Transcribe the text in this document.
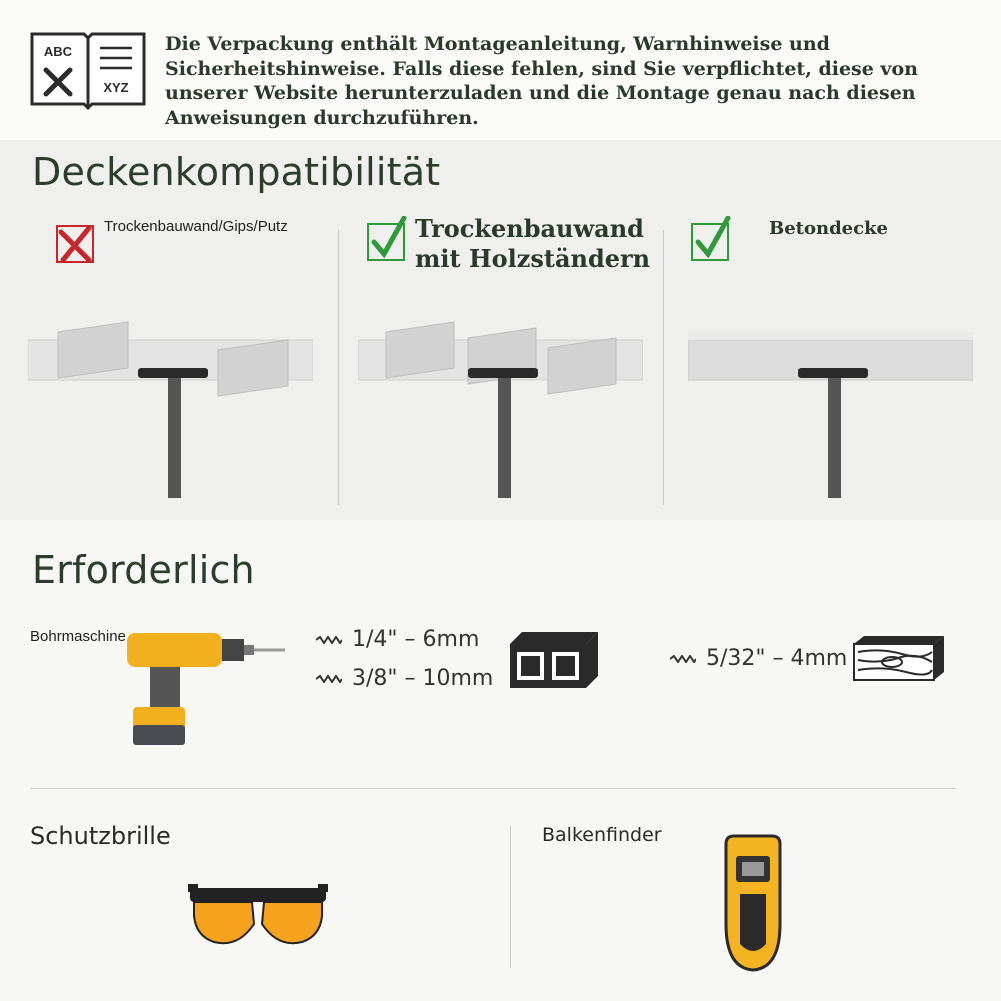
ABC
XYZ
Die Verpackung enthält Montageanleitung, Warnhinweise und Sicherheitshinweise. Falls diese fehlen, sind Sie verpflichtet, diese von unserer Website herunterzuladen und die Montage genau nach diesen Anweisungen durchzuführen.
Deckenkompatibilität
Trockenbauwand/Gips/Putz	Trockenbauwand
mit Holzständern
Betondecke
Erforderlich
Bohrmaschine	1/4" – 6mm
3/8" – 10mm
5/32" – 4mm
Schutzbrille	Balkenfinder
